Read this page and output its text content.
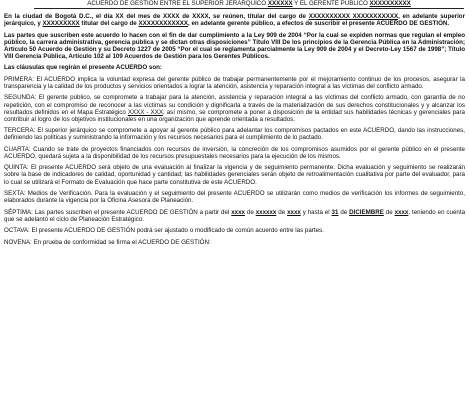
ACUERDO DE GESTIÓN ENTRE EL SUPERIOR JERÁRQUICO XXXXXX Y EL GERENTE PÚBLICO XXXXXXXXXX

En la ciudad de Bogotá D.C., el día XX del mes de XXXX de XXXX, se reúnen, titular del cargo de XXXXXXXXXX XXXXXXXXXXX, en adelante superior jerárquico, y XXXXXXXXX titular del cargo de XXXXXXXXXXXX, en adelante gerente público, a efectos de suscribir el presente ACUERDO DE GESTIÓN.

Las partes que suscriben este acuerdo lo hacen con el fin de dar cumplimiento a la Ley 909 de 2004 “Por la cual se expiden normas que regulan el empleo público, la carrera administrativa, gerencia pública y se dictan otras disposiciones” Título VIII De los principios de la Gerencia Pública en la Administración; Artículo 50 Acuerdo de Gestión y su Decreto 1227 de 2005 “Por el cual se reglamenta parcialmente la Ley 909 de 2004 y el Decreto-Ley 1567 de 1998”; Título VIII Gerencia Pública, Artículo 102 al 109 Acuerdos de Gestión para los Gerentes Públicos.

Las cláusulas que regirán el presente ACUERDO son:

PRIMERA: El ACUERDO implica la voluntad expresa del gerente público de trabajar permanentemente por el mejoramiento continuo de los procesos, asegurar la transparencia y la calidad de los productos y servicios orientados a lograr la atención, asistencia y reparación integral a las víctimas del conflicto armado.

SEGUNDA: El gerente público, se compromete a trabajar para la atención, asistencia y reparación integral a las víctimas del conflicto armado, con garantía de no repetición, con el compromiso de reconocer a las víctimas su condición y dignificarla a través de la materialización de sus derechos constitucionales y y alcanzar los resultados definidos en el Mapa Estratégico XXXX - XXX; así mismo, se compromete a poner a disposición de la entidad sus habilidades técnicas y gerenciales para contribuir al logro de los objetivos institucionales en una organización que aprende orientada a resultados.

TERCERA: El superior jerárquico se compromete a apoyar al gerente público para adelantar los compromisos pactados en este ACUERDO, dando las instrucciones, definiendo las políticas y suministrando la información y los recursos necesarios para el cumplimiento de lo pactado.

CUARTA: Cuando se trate de proyectos financiados con recursos de inversión, la concreción de los compromisos asumidos por el gerente público en el presente ACUERDO, quedará sujeta a la disponibilidad de los recursos presupuestales necesarios para la ejecución de los mismos.

QUINTA: El presente ACUERDO será objeto de una evaluación al finalizar la vigencia y de seguimiento permanente. Dicha evaluación y seguimiento se realizarán sobre la base de indicadores de calidad, oportunidad y cantidad; las habilidades gerenciales serán objeto de retroalimentación cualitativa por parte del evaluador, para lo cual se utilizará el Formato de Evaluación que hace parte constitutiva de este ACUERDO.

SEXTA: Medios de Verificación. Para la evaluación y el seguimiento del presente ACUERDO se utilizarán como medios de verificación los informes de seguimiento, elaborados durante la vigencia por la Oficina Asesora de Planeación.

SÉPTIMA: Las partes suscriben el presente ACUERDO DE GESTIÓN a partir del xxxx de xxxxxx de xxxx y hasta el 31 de DICIEMBRE de xxxx, teniendo en cuenta que se adelantó el ciclo de Planeación Estratégico.

OCTAVA: El presente ACUERDO DE GESTIÓN podrá ser ajustado o modificado de común acuerdo entre las partes.

NOVENA: En prueba de conformidad se firma el ACUERDO DE GESTIÓN:
